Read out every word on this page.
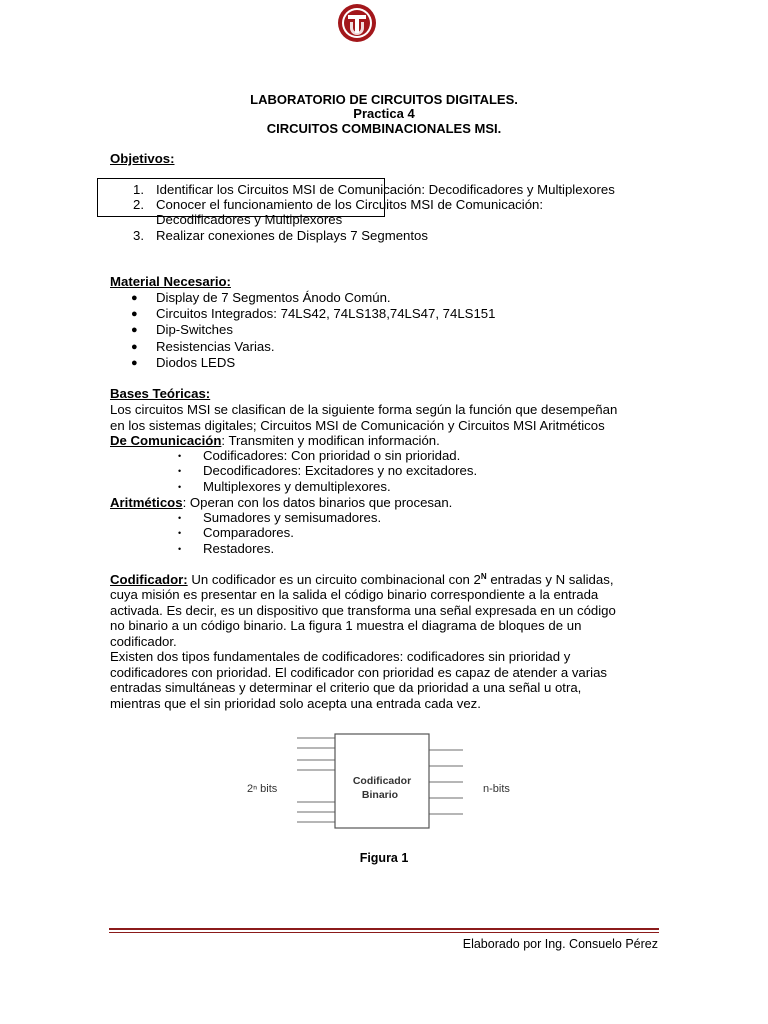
LABORATORIO DE CIRCUITOS DIGITALES.
Practica 4
CIRCUITOS COMBINACIONALES MSI.
Objetivos:
1. Identificar los Circuitos MSI de Comunicación: Decodificadores y Multiplexores
2. Conocer el funcionamiento de los Circuitos MSI de Comunicación:
Decodificadores y Multiplexores
3. Realizar conexiones de Displays 7 Segmentos
Material Necesario:
● Display de 7 Segmentos Ánodo Común.
● Circuitos Integrados: 74LS42, 74LS138,74LS47, 74LS151
● Dip-Switches
● Resistencias Varias.
● Diodos LEDS
Bases Teóricas:
Los circuitos MSI se clasifican de la siguiente forma según la función que desempeñan
en los sistemas digitales; Circuitos MSI de Comunicación y Circuitos MSI Aritméticos
De Comunicación: Transmiten y modifican información.
• Codificadores: Con prioridad o sin prioridad.
• Decodificadores: Excitadores y no excitadores.
• Multiplexores y demultiplexores.
Aritméticos: Operan con los datos binarios que procesan.
• Sumadores y semisumadores.
• Comparadores.
• Restadores.
Codificador: Un codificador es un circuito combinacional con $2^N$ entradas y N salidas,
cuya misión es presentar en la salida el código binario correspondiente a la entrada
activada. Es decir, es un dispositivo que transforma una señal expresada en un código
no binario a un código binario. La figura 1 muestra el diagrama de bloques de un
codificador.
Existen dos tipos fundamentales de codificadores: codificadores sin prioridad y
codificadores con prioridad. El codificador con prioridad es capaz de atender a varias
entradas simultáneas y determinar el criterio que da prioridad a una señal u otra,
mientras que el sin prioridad solo acepta una entrada cada vez.
Codificador
Binario
2ⁿ bits	n-bits
Figura 1
Elaborado por Ing. Consuelo Pérez
